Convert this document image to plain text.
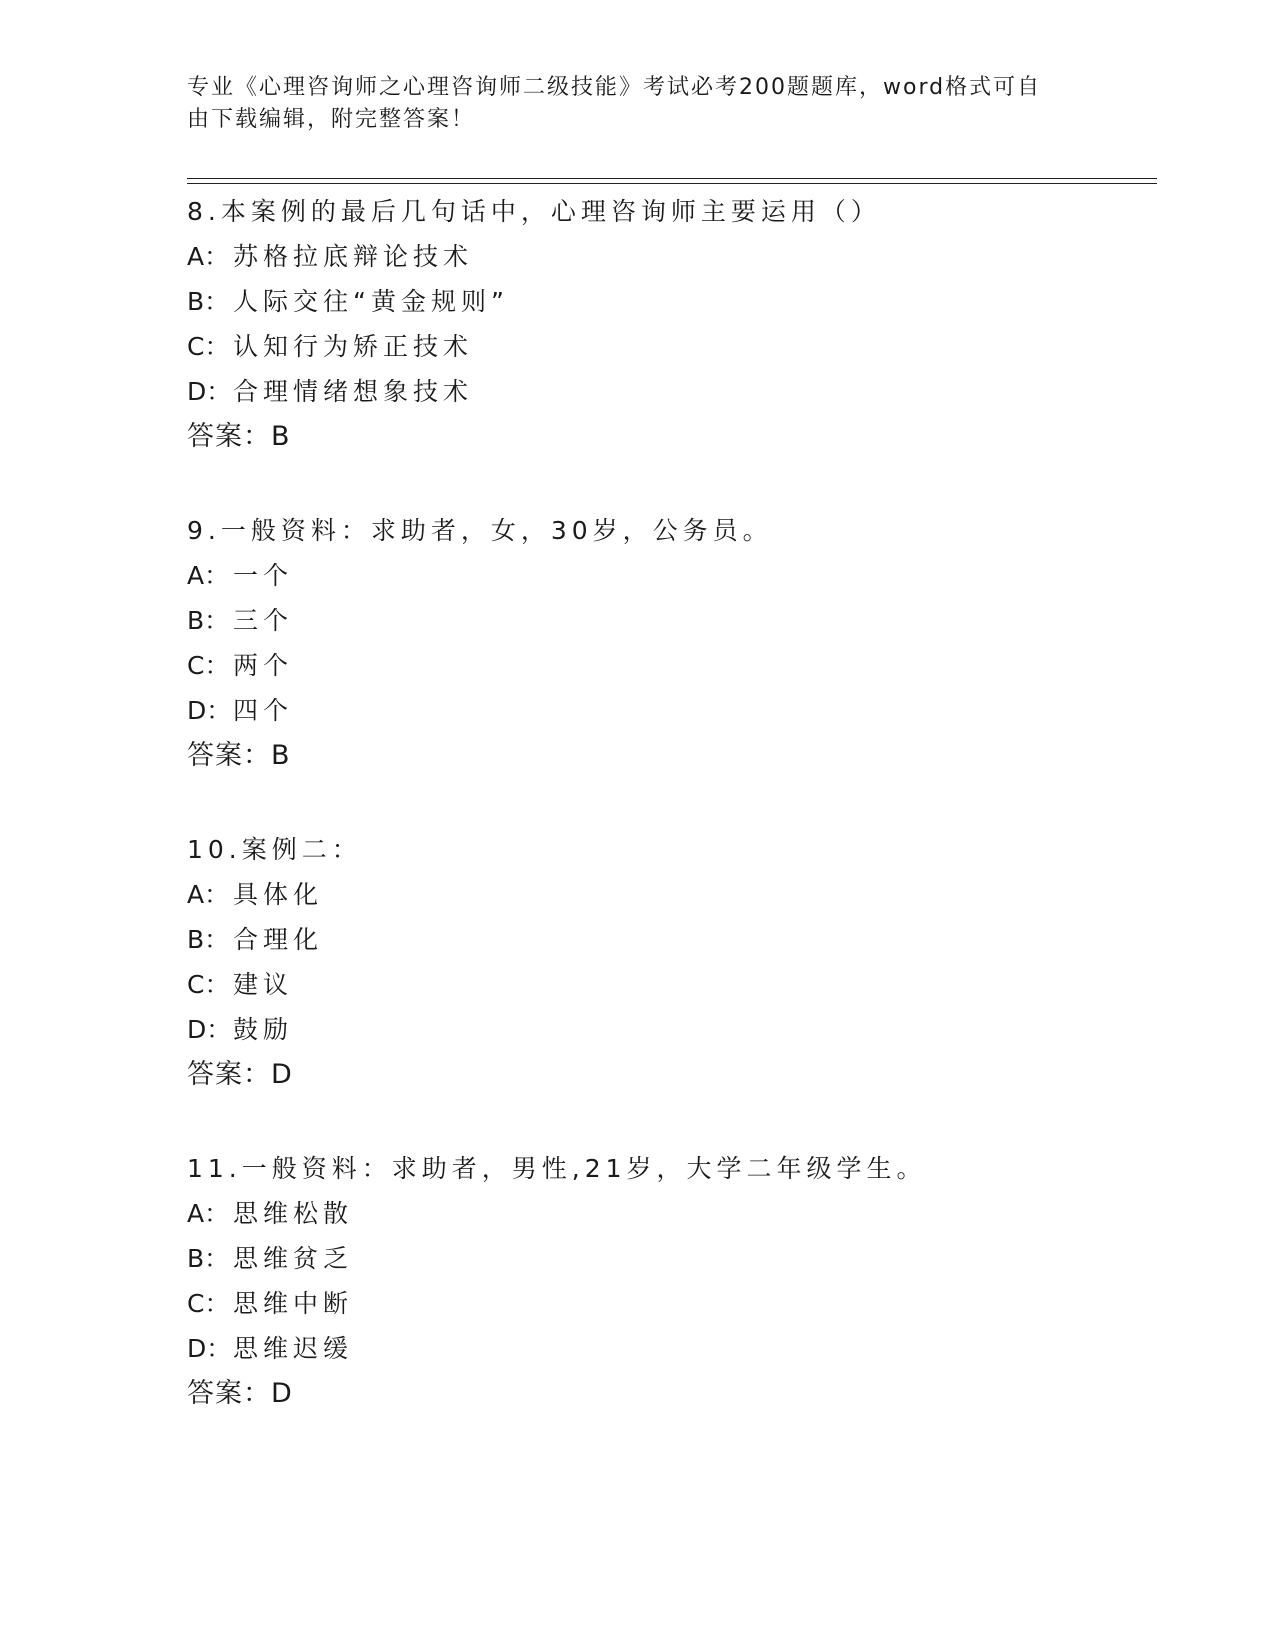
专业《心理咨询师之心理咨询师二级技能》考试必考200题题库，word格式可自
由下载编辑，附完整答案！
8.本案例的最后几句话中，心理咨询师主要运用（）
A： 苏格拉底辩论技术
B： 人际交往“黄金规则”
C： 认知行为矫正技术
D：合理情绪想象技术
答案：B
9.一般资料：求助者，女，30岁，公务员。
A： 一个
B： 三个
C： 两个
D：四个
答案：B
10.案例二：
A： 具体化
B： 合理化
C： 建议
D：鼓励
答案：D
11.一般资料：求助者，男性,21岁，大学二年级学生。
A： 思维松散
B： 思维贫乏
C： 思维中断
D：思维迟缓
答案：D
